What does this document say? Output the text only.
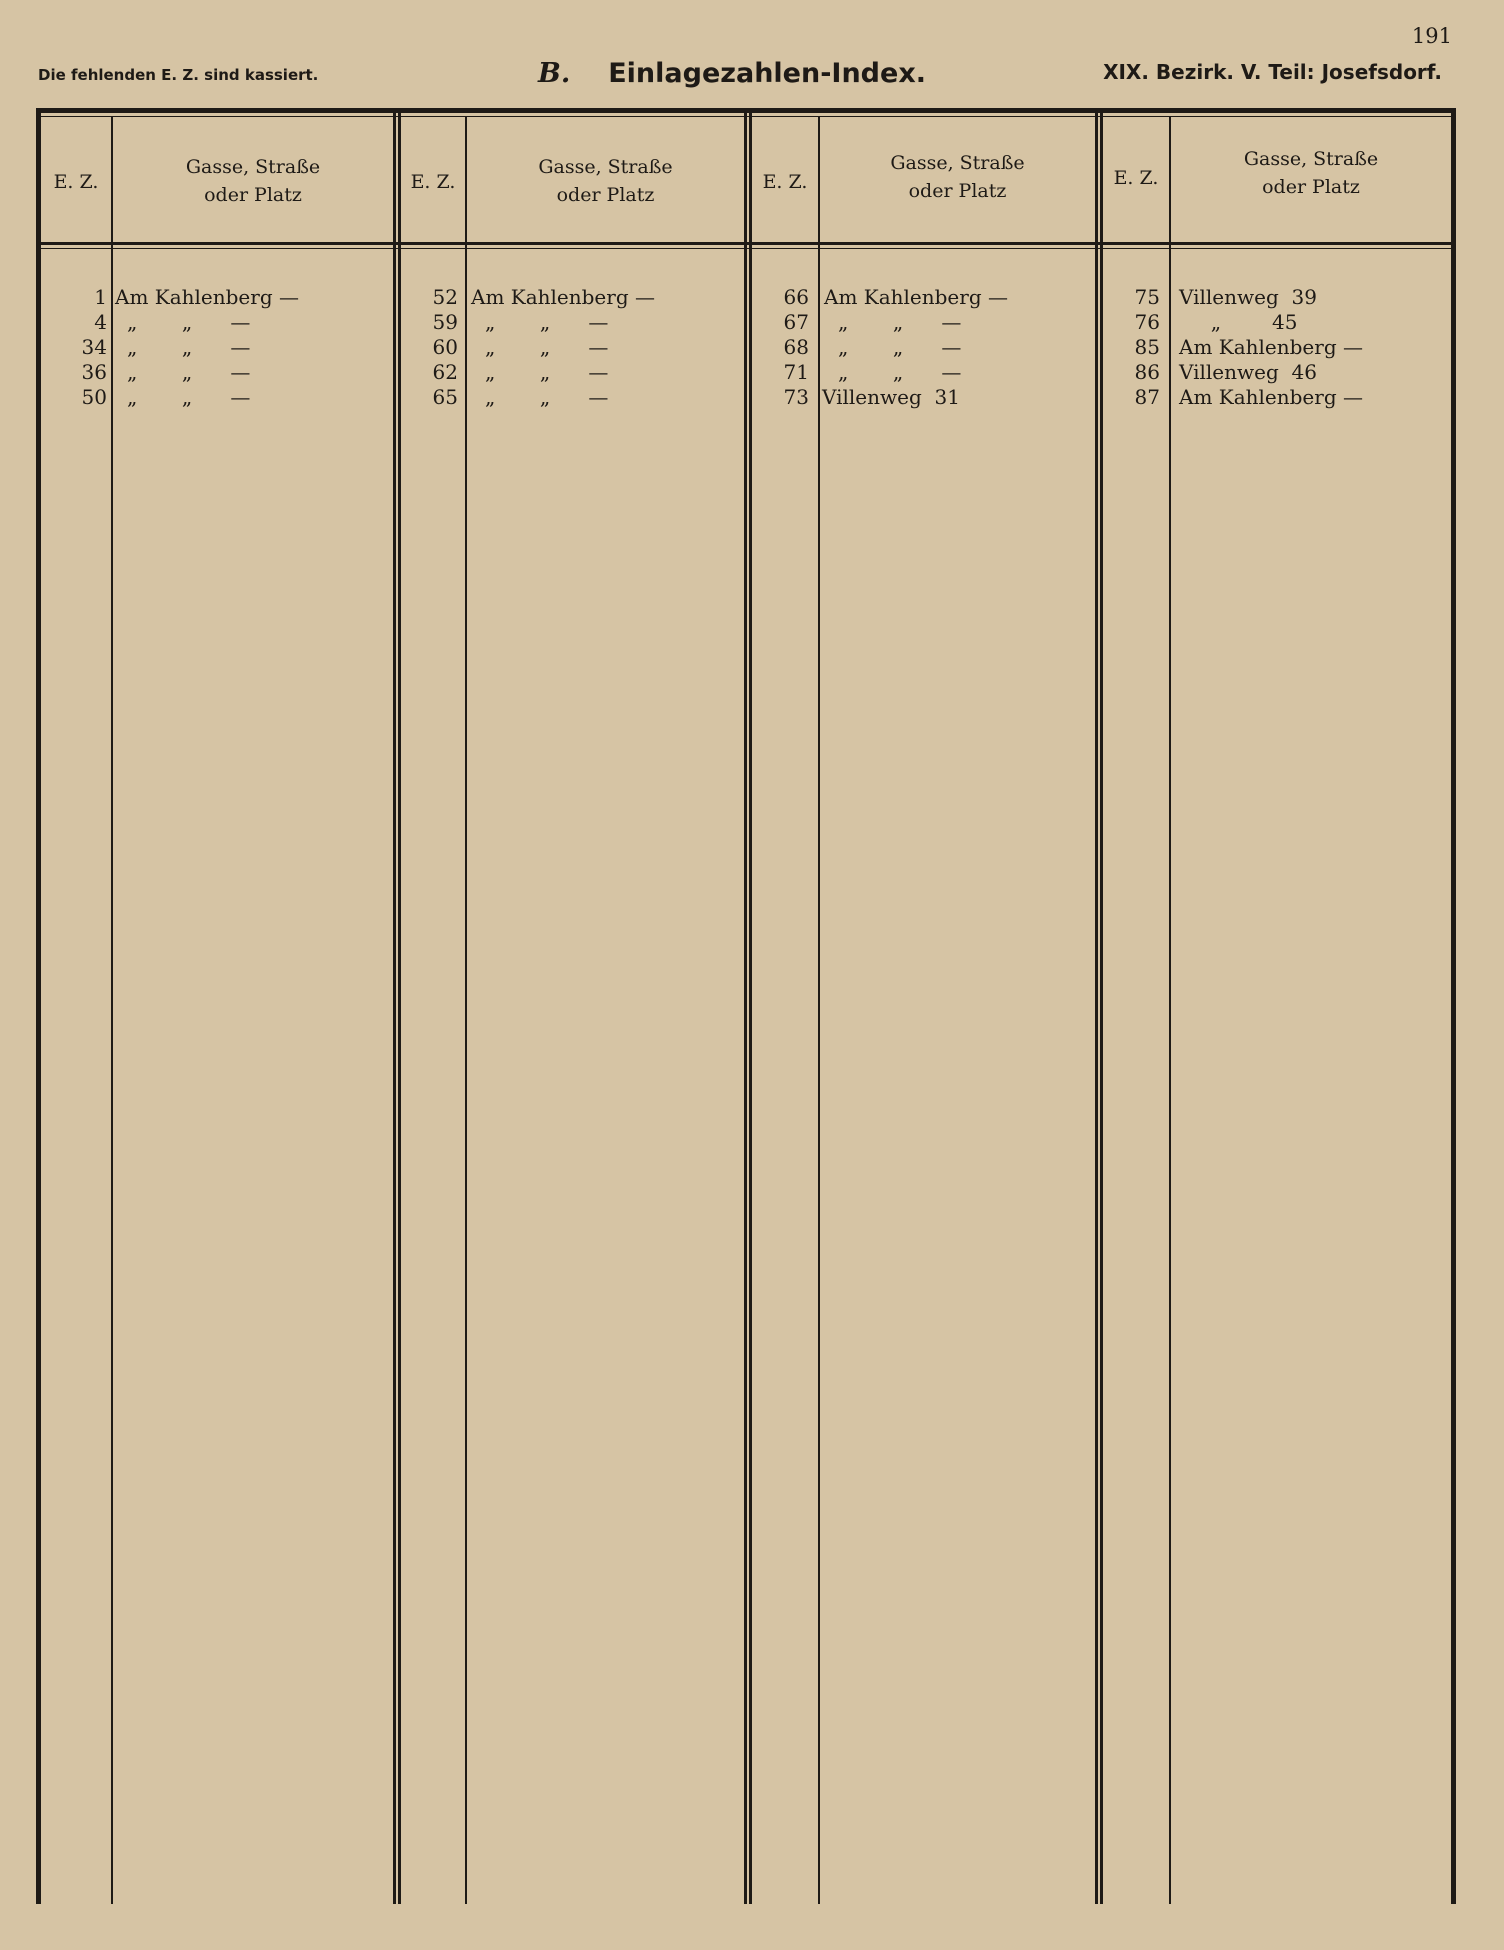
191
Die fehlenden E. Z. sind kassiert.	B. Einlagezahlen-Index.	XIX. Bezirk. V. Teil: Josefsdorf.
E. Z.
Gasse, Straße
oder Platz
1 Am Kahlenberg —
4 „       „      —
34 „       „      —
36 „       „      —
50 „       „      —
E. Z.
Gasse, Straße
oder Platz
52 Am Kahlenberg —
59 „       „      —
60 „       „      —
62 „       „      —
65 „       „      —
E. Z.
Gasse, Straße
oder Platz
66 Am Kahlenberg —
67 „       „      —
68 „       „      —
71 „       „      —
73 Villenweg  31
E. Z.
Gasse, Straße
oder Platz
75 Villenweg  39
76 „        45
85 Am Kahlenberg —
86 Villenweg  46
87 Am Kahlenberg —
